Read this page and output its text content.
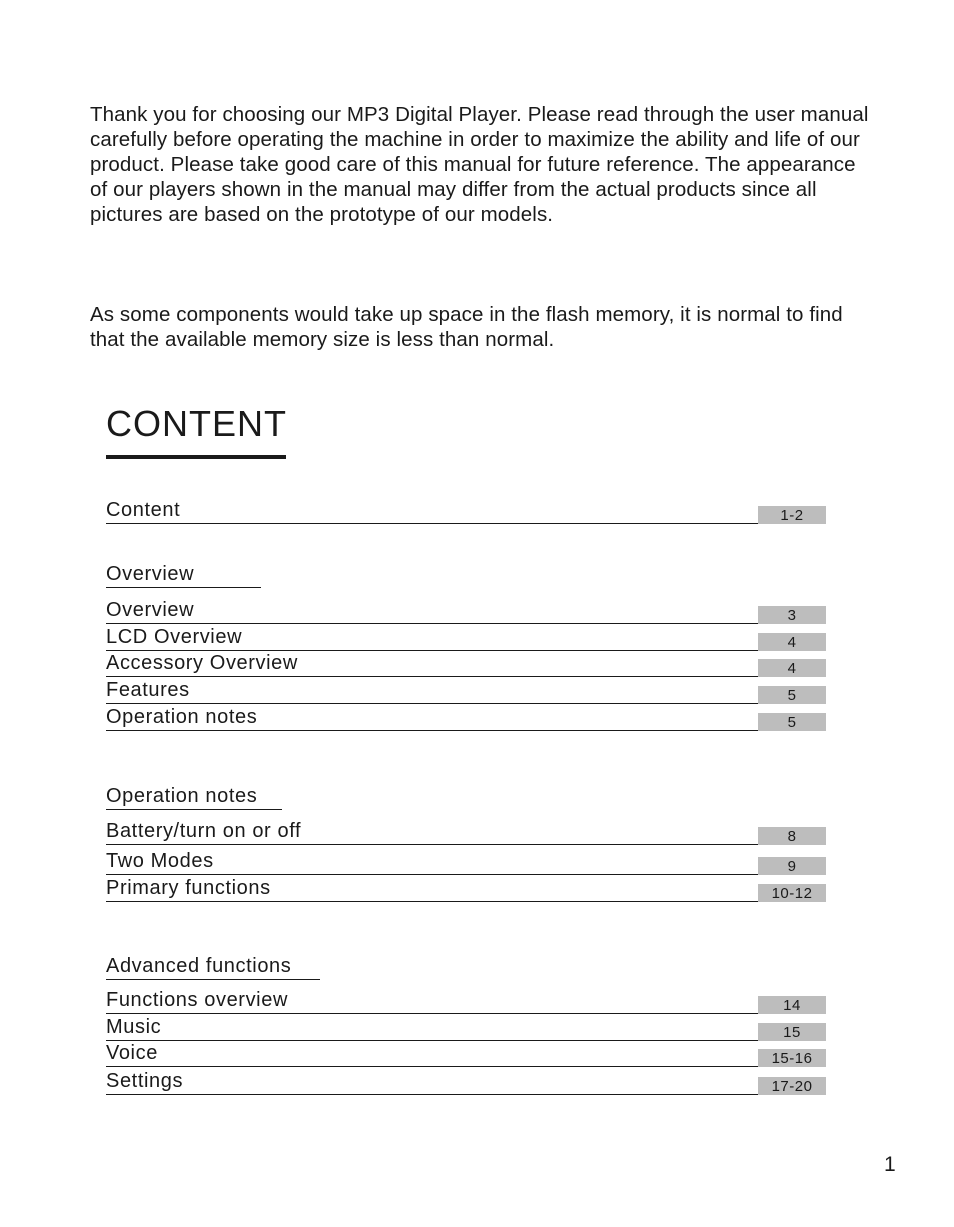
Thank you for choosing our MP3 Digital Player. Please read through the user manual carefully before operating the machine in order to maximize the ability and life of our product. Please take good care of this manual for future reference. The appearance of our players shown in the manual may differ from the actual products since all pictures are based on the prototype of our models.

As some components would take up space in the flash memory, it is normal to find that the available memory size is less than normal.

CONTENT
Content	1-2
Overview
Overview	3
LCD Overview	4
Accessory Overview	4
Features	5
Operation notes	5
Operation notes
Battery/turn on or off	8
Two Modes	9
Primary functions	10-12
Advanced functions
Functions overview	14
Music	15
Voice	15-16
Settings	17-20
1
